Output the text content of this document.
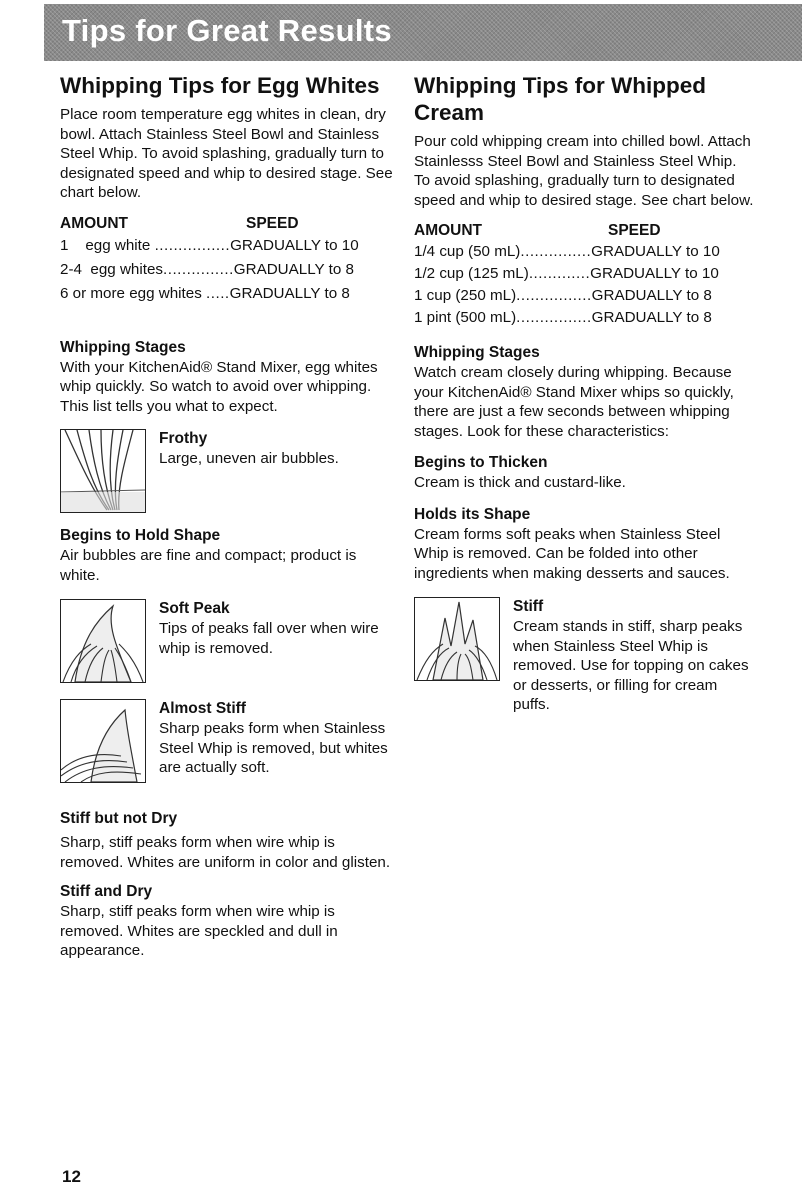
Tips for Great Results
Whipping Tips for Egg Whites

Place room temperature egg whites in clean, dry bowl. Attach Stainless Steel Bowl and Stainless Steel Whip. To avoid splashing, gradually turn to designated speed and whip to desired stage. See chart below.

AMOUNT	SPEED
1    egg white ................ GRADUALLY to 10
2-4  egg whites ............... GRADUALLY to 8
6 or more egg whites ..... GRADUALLY to 8
Whipping Stages

With your KitchenAid® Stand Mixer, egg whites whip quickly. So watch to avoid over whipping. This list tells you what to expect.

Frothy

Large, uneven air bubbles.

Begins to Hold Shape

Air bubbles are fine and compact; product is white.

Soft Peak

Tips of peaks fall over when wire whip is removed.

Almost Stiff

Sharp peaks form when Stainless Steel Whip is removed, but whites are actually soft.

Stiff but not Dry

Sharp, stiff peaks form when wire whip is removed. Whites are uniform in color and glisten.

Stiff and Dry

Sharp, stiff peaks form when wire whip is removed. Whites are speckled and dull in appearance.

Whipping Tips for Whipped Cream

Pour cold whipping cream into chilled bowl. Attach Stainlesss Steel Bowl and Stainless Steel Whip. To avoid splashing, gradually turn to designated speed and whip to desired stage. See chart below.

AMOUNT	SPEED
1/4 cup (50 mL) ............... GRADUALLY to 10
1/2 cup (125 mL) ............. GRADUALLY to 10
1 cup (250 mL) ................ GRADUALLY to 8
1 pint (500 mL) ................ GRADUALLY to 8
Whipping Stages

Watch cream closely during whipping. Because your KitchenAid® Stand Mixer whips so quickly, there are just a few seconds between whipping stages. Look for these characteristics:

Begins to Thicken

Cream is thick and custard-like.

Holds its Shape

Cream forms soft peaks when Stainless Steel Whip is removed. Can be folded into other ingredients when making desserts and sauces.

Stiff

Cream stands in stiff, sharp peaks when Stainless Steel Whip is removed. Use for topping on cakes or desserts, or filling for cream puffs.

12
